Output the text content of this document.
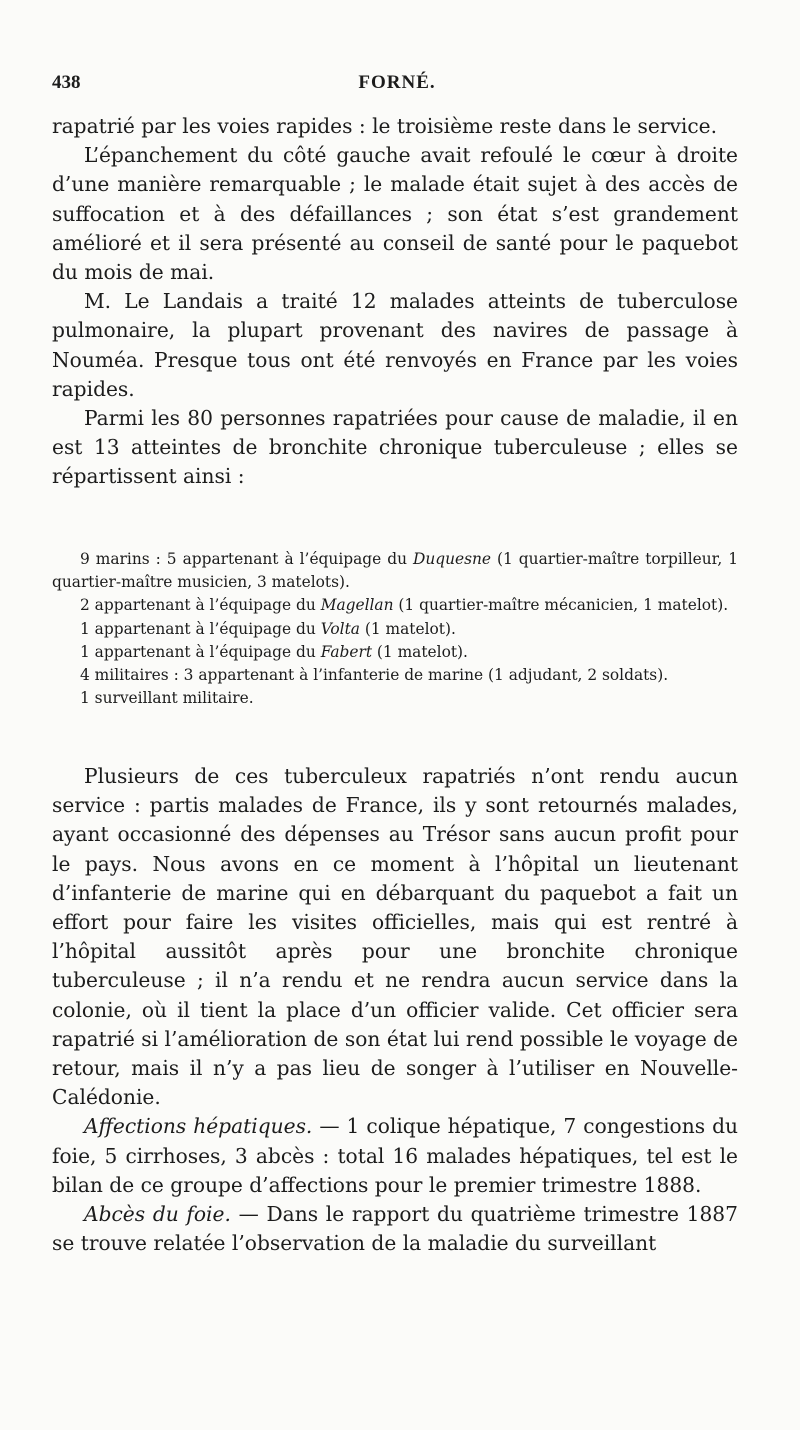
438	FORNÉ.

rapatrié par les voies rapides : le troisième reste dans le service.

L’épanchement du côté gauche avait refoulé le cœur à droite d’une manière remarquable ; le malade était sujet à des accès de suffocation et à des défaillances ; son état s’est grandement amélioré et il sera présenté au conseil de santé pour le paquebot du mois de mai.

M. Le Landais a traité 12 malades atteints de tuberculose pulmonaire, la plupart provenant des navires de passage à Nouméa. Presque tous ont été renvoyés en France par les voies rapides.

Parmi les 80 personnes rapatriées pour cause de maladie, il en est 13 atteintes de bronchite chronique tuberculeuse ; elles se répartissent ainsi :

9 marins : 5 appartenant à l’équipage du Duquesne (1 quartier-maître torpilleur, 1 quartier-maître musicien, 3 matelots).

2 appartenant à l’équipage du Magellan (1 quartier-maître mécanicien, 1 matelot).

1 appartenant à l’équipage du Volta (1 matelot).

1 appartenant à l’équipage du Fabert (1 matelot).

4 militaires : 3 appartenant à l’infanterie de marine (1 adjudant, 2 soldats).

1 surveillant militaire.

Plusieurs de ces tuberculeux rapatriés n’ont rendu aucun service : partis malades de France, ils y sont retournés malades, ayant occasionné des dépenses au Trésor sans aucun profit pour le pays. Nous avons en ce moment à l’hôpital un lieutenant d’infanterie de marine qui en débarquant du paquebot a fait un effort pour faire les visites officielles, mais qui est rentré à l’hôpital aussitôt après pour une bronchite chronique tuberculeuse ; il n’a rendu et ne rendra aucun service dans la colonie, où il tient la place d’un officier valide. Cet officier sera rapatrié si l’amélioration de son état lui rend possible le voyage de retour, mais il n’y a pas lieu de songer à l’utiliser en Nouvelle-Calédonie.

Affections hépatiques. — 1 colique hépatique, 7 congestions du foie, 5 cirrhoses, 3 abcès : total 16 malades hépatiques, tel est le bilan de ce groupe d’affections pour le premier trimestre 1888.

Abcès du foie. — Dans le rapport du quatrième trimestre 1887 se trouve relatée l’observation de la maladie du surveillant
